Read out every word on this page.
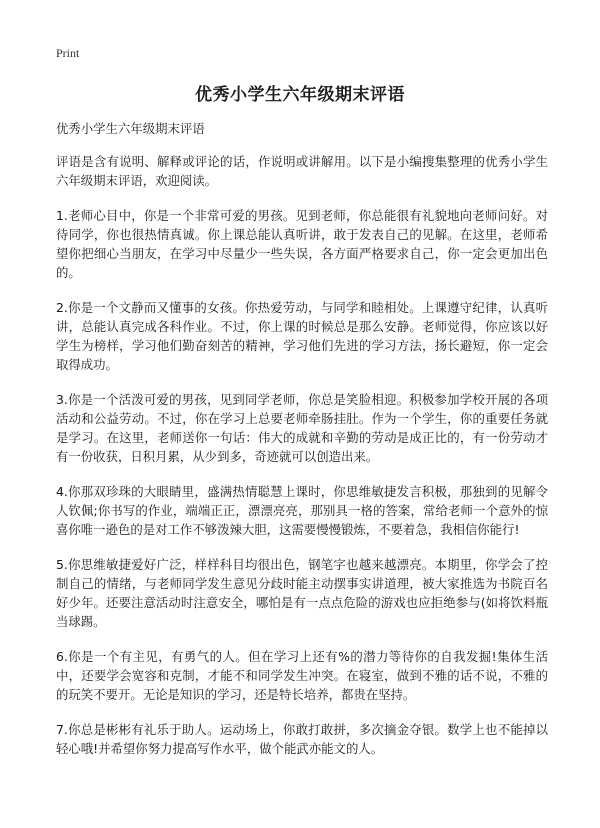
Print
优秀小学生六年级期末评语

优秀小学生六年级期末评语

评语是含有说明、解释或评论的话，作说明或讲解用。以下是小编搜集整理的优秀小学生六年级期末评语，欢迎阅读。

1.老师心目中，你是一个非常可爱的男孩。见到老师，你总能很有礼貌地向老师问好。对待同学，你也很热情真诚。你上课总能认真听讲，敢于发表自己的见解。在这里，老师希望你把细心当朋友，在学习中尽量少一些失误，各方面严格要求自己，你一定会更加出色的。

2.你是一个文静而又懂事的女孩。你热爱劳动，与同学和睦相处。上课遵守纪律，认真听讲，总能认真完成各科作业。不过，你上课的时候总是那么安静。老师觉得，你应该以好学生为榜样，学习他们勤奋刻苦的精神，学习他们先进的学习方法，扬长避短，你一定会取得成功。

3.你是一个活泼可爱的男孩，见到同学老师，你总是笑脸相迎。积极参加学校开展的各项活动和公益劳动。不过，你在学习上总要老师牵肠挂肚。作为一个学生，你的重要任务就是学习。在这里，老师送你一句话：伟大的成就和辛勤的劳动是成正比的，有一份劳动才有一份收获，日积月累，从少到多，奇迹就可以创造出来。

4.你那双珍珠的大眼睛里，盛满热情聪慧上课时，你思维敏捷发言积极，那独到的见解令人钦佩;你书写的作业，端端正正，漂漂亮亮，那别具一格的答案，常给老师一个意外的惊喜你唯一逊色的是对工作不够泼辣大胆，这需要慢慢锻炼，不要着急，我相信你能行!

5.你思维敏捷爱好广泛，样样科目均很出色，钢笔字也越来越漂亮。本期里，你学会了控制自己的情绪，与老师同学发生意见分歧时能主动摆事实讲道理，被大家推选为书院百名好少年。还要注意活动时注意安全，哪怕是有一点点危险的游戏也应拒绝参与(如将饮料瓶当球踢。

6.你是一个有主见，有勇气的人。但在学习上还有%的潜力等待你的自我发掘!集体生活中，还要学会宽容和克制，才能不和同学发生冲突。在寝室，做到不雅的话不说，不雅的的玩笑不要开。无论是知识的学习，还是特长培养，都贵在坚持。

7.你总是彬彬有礼乐于助人。运动场上，你敢打敢拼，多次摘金夺银。数学上也不能掉以轻心哦!并希望你努力提高写作水平，做个能武亦能文的人。
